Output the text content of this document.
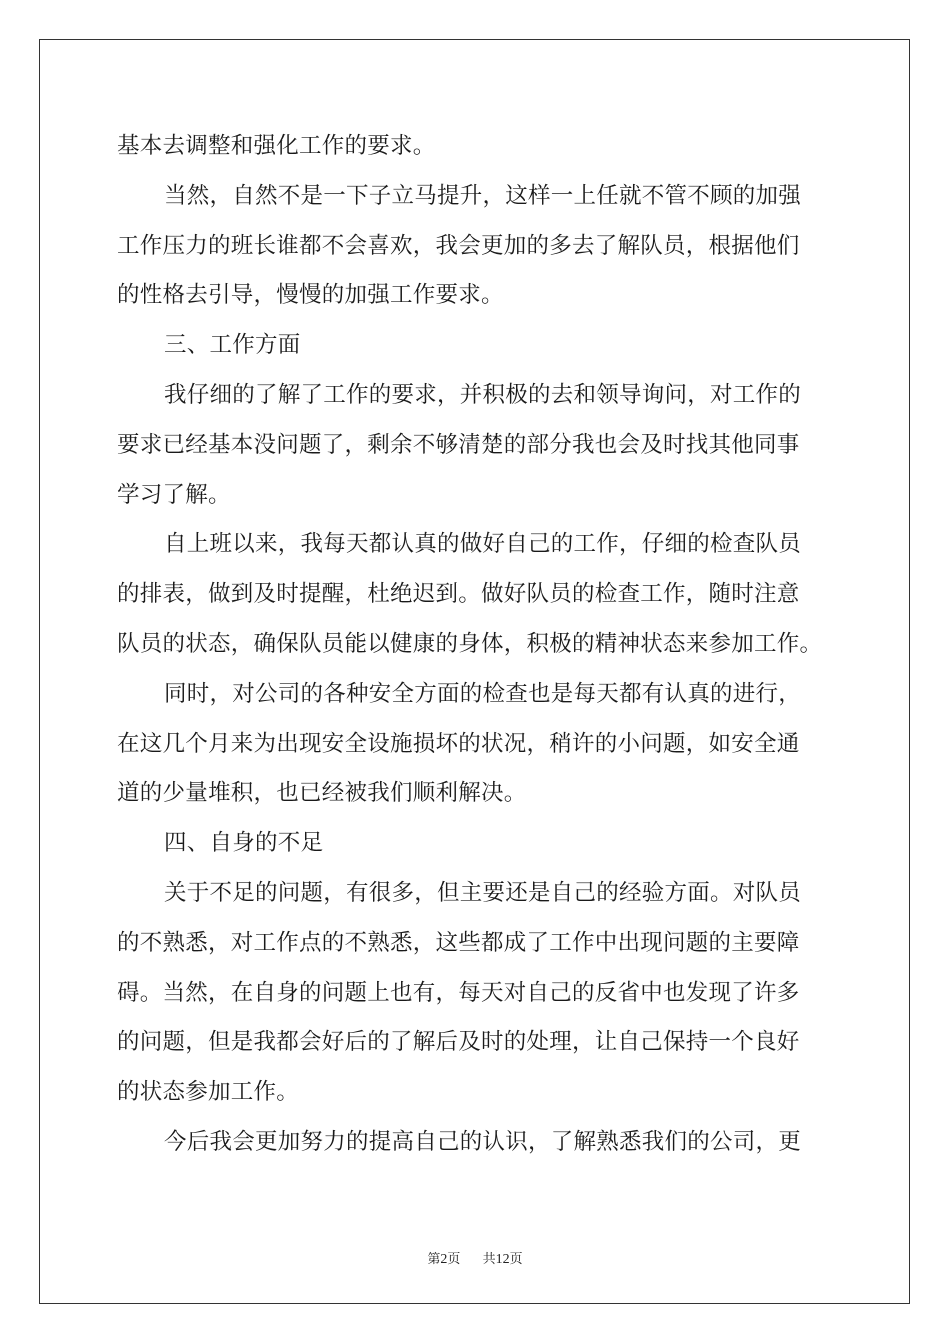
基本去调整和强化工作的要求。
当然，自然不是一下子立马提升，这样一上任就不管不顾的加强
工作压力的班长谁都不会喜欢，我会更加的多去了解队员，根据他们
的性格去引导，慢慢的加强工作要求。
三、工作方面
我仔细的了解了工作的要求，并积极的去和领导询问，对工作的
要求已经基本没问题了，剩余不够清楚的部分我也会及时找其他同事
学习了解。
自上班以来，我每天都认真的做好自己的工作，仔细的检查队员
的排表，做到及时提醒，杜绝迟到。做好队员的检查工作，随时注意
队员的状态，确保队员能以健康的身体，积极的精神状态来参加工作。
同时，对公司的各种安全方面的检查也是每天都有认真的进行，
在这几个月来为出现安全设施损坏的状况，稍许的小问题，如安全通
道的少量堆积，也已经被我们顺利解决。
四、自身的不足
关于不足的问题，有很多，但主要还是自己的经验方面。对队员
的不熟悉，对工作点的不熟悉，这些都成了工作中出现问题的主要障
碍。当然，在自身的问题上也有，每天对自己的反省中也发现了许多
的问题，但是我都会好后的了解后及时的处理，让自己保持一个良好
的状态参加工作。
今后我会更加努力的提高自己的认识，了解熟悉我们的公司，更
第2页 共12页
